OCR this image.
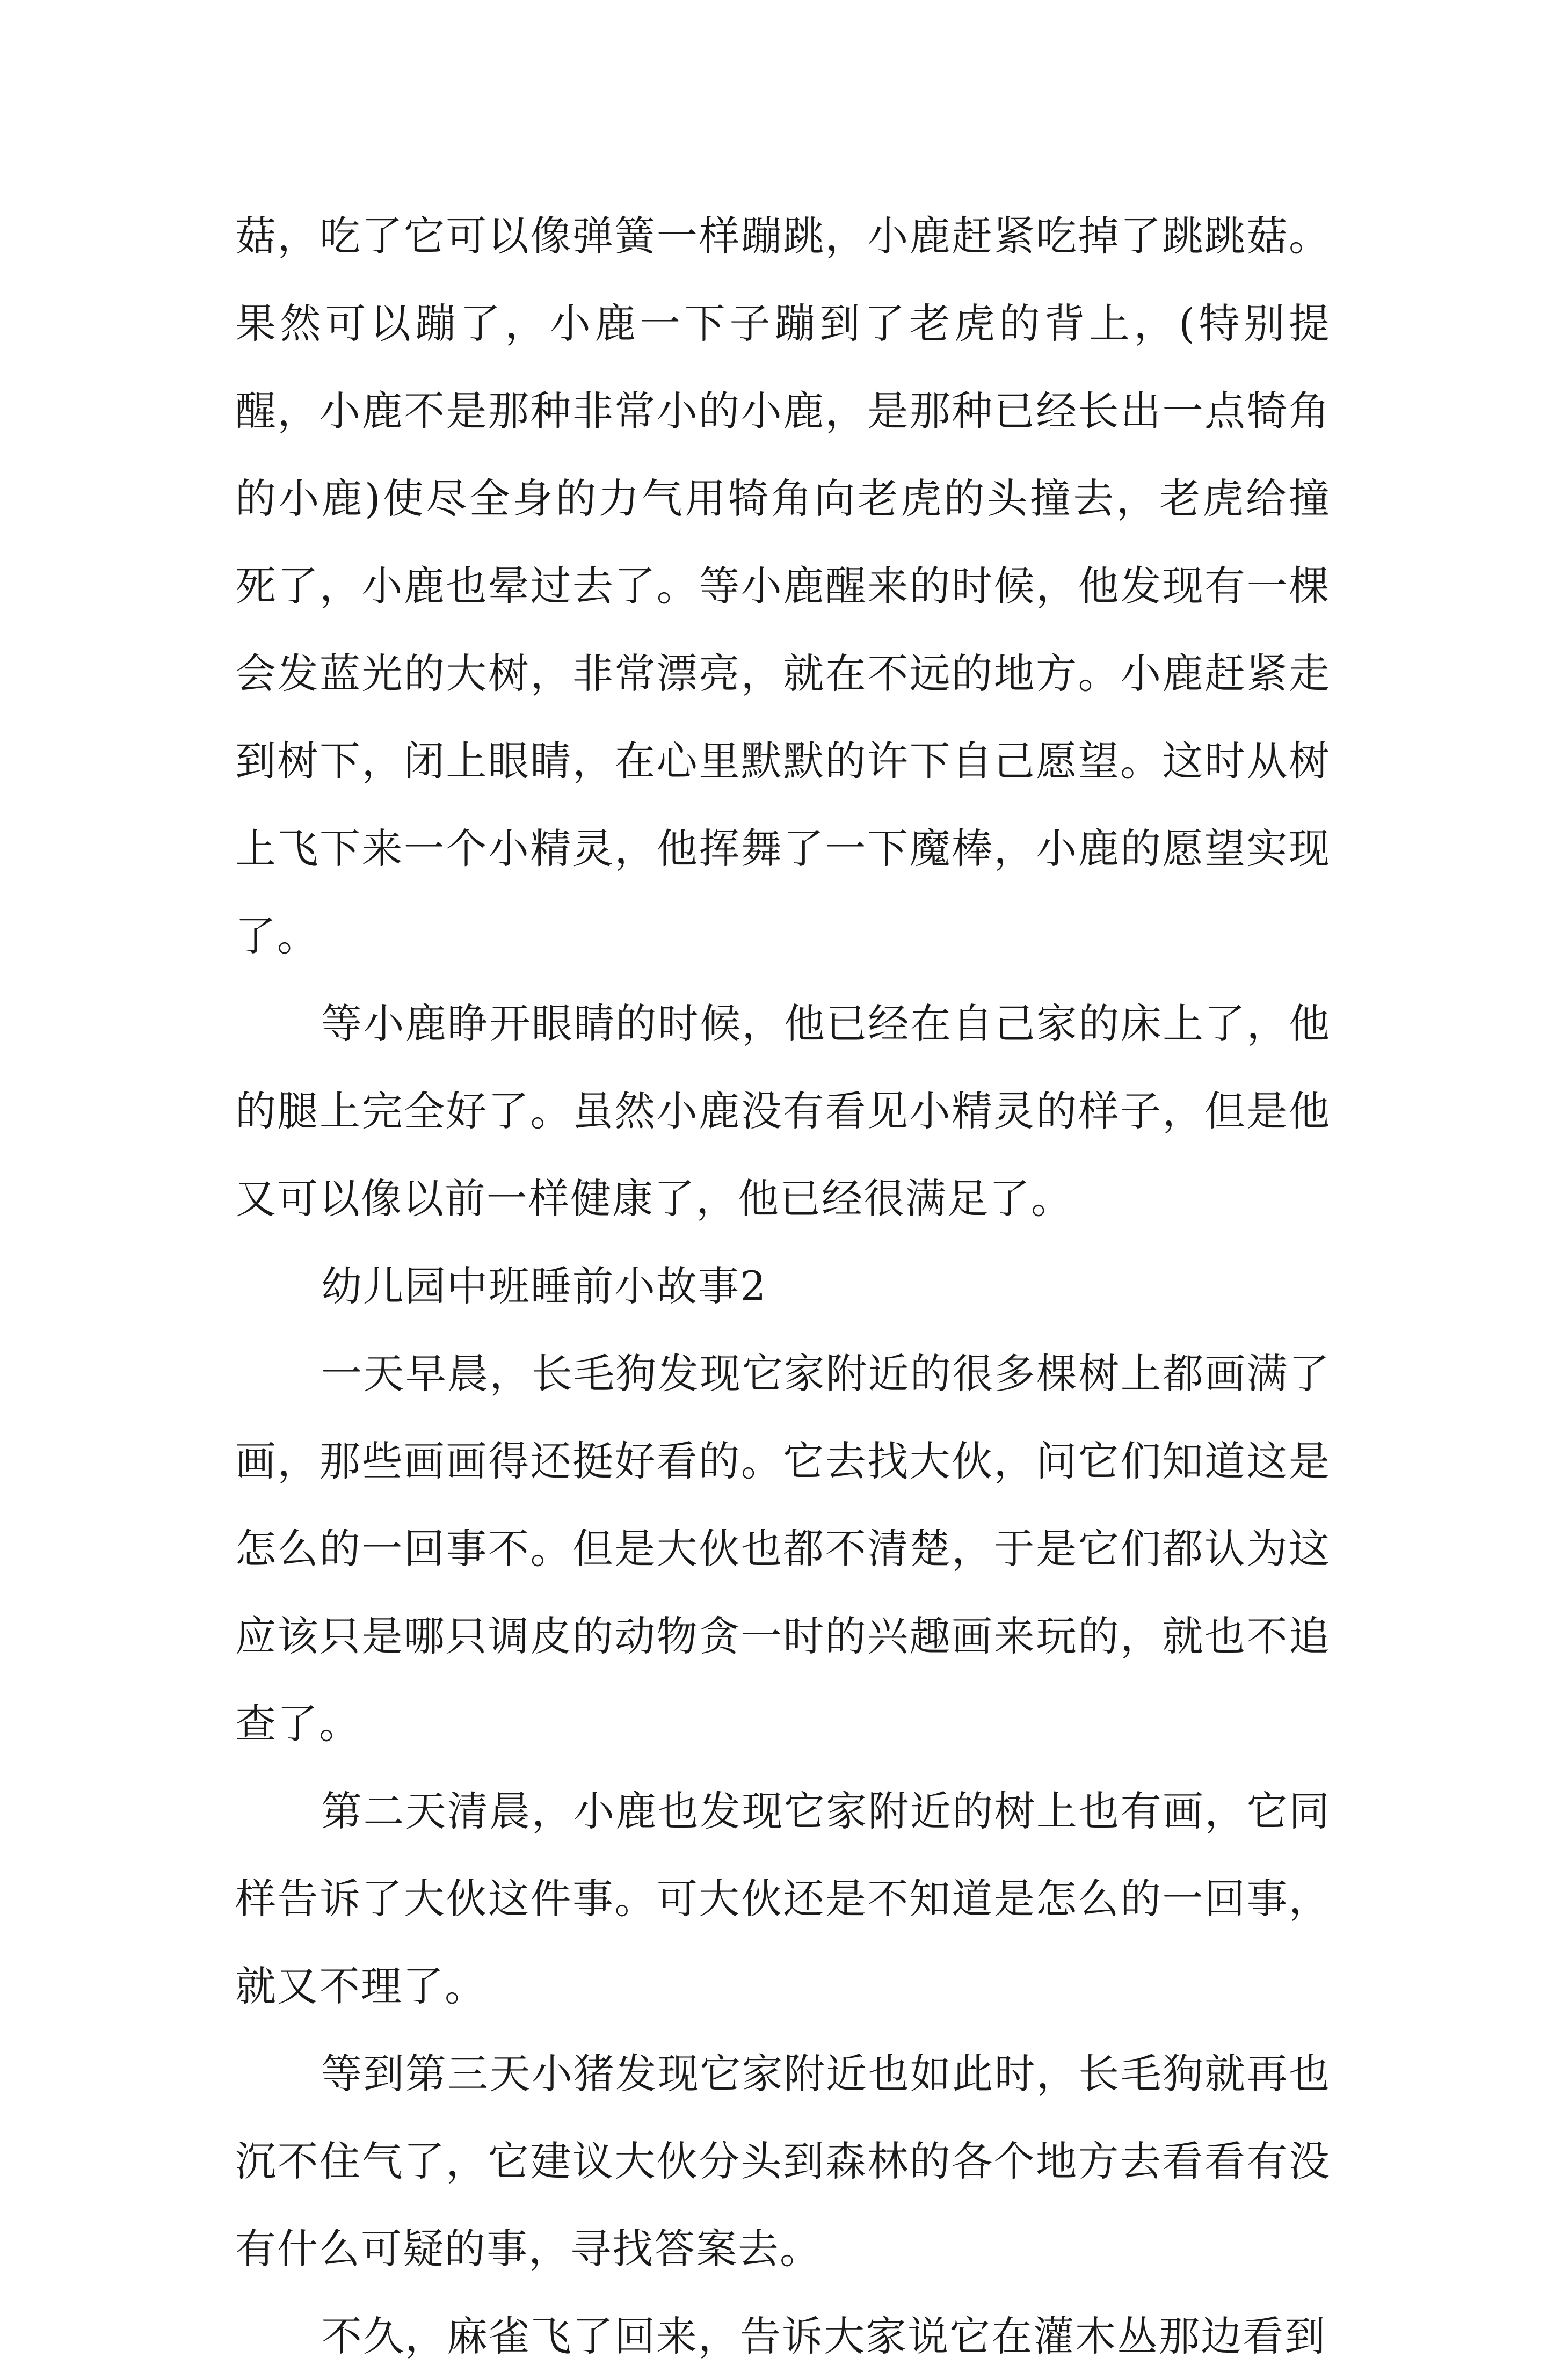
菇，吃了它可以像弹簧一样蹦跳，小鹿赶紧吃掉了跳跳菇。果然可以蹦了，小鹿一下子蹦到了老虎的背上，(特别提醒，小鹿不是那种非常小的小鹿，是那种已经长出一点犄角的小鹿)使尽全身的力气用犄角向老虎的头撞去，老虎给撞死了，小鹿也晕过去了。等小鹿醒来的时候，他发现有一棵会发蓝光的大树，非常漂亮，就在不远的地方。小鹿赶紧走到树下，闭上眼睛，在心里默默的许下自己愿望。这时从树上飞下来一个小精灵，他挥舞了一下魔棒，小鹿的愿望实现了。

等小鹿睁开眼睛的时候，他已经在自己家的床上了，他的腿上完全好了。虽然小鹿没有看见小精灵的样子，但是他又可以像以前一样健康了，他已经很满足了。

幼儿园中班睡前小故事2

一天早晨，长毛狗发现它家附近的很多棵树上都画满了画，那些画画得还挺好看的。它去找大伙，问它们知道这是怎么的一回事不。但是大伙也都不清楚，于是它们都认为这应该只是哪只调皮的动物贪一时的兴趣画来玩的，就也不追查了。

第二天清晨，小鹿也发现它家附近的树上也有画，它同样告诉了大伙这件事。可大伙还是不知道是怎么的一回事，就又不理了。

等到第三天小猪发现它家附近也如此时，长毛狗就再也沉不住气了，它建议大伙分头到森林的各个地方去看看有没有什么可疑的事，寻找答案去。

不久，麻雀飞了回来，告诉大家说它在灌木丛那边看到
